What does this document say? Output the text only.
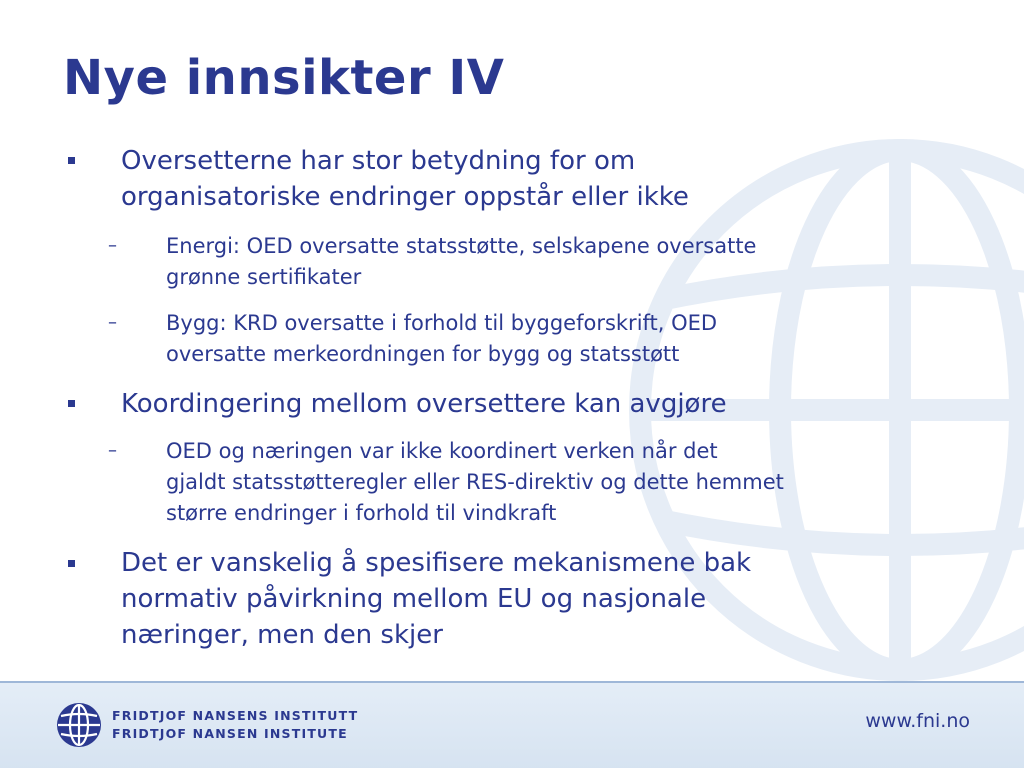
Nye innsikter IV
Oversetterne har stor betydning for om
organisatoriske endringer oppstår eller ikke
– Energi: OED oversatte statsstøtte, selskapene oversatte
grønne sertifikater
– Bygg: KRD oversatte i forhold til byggeforskrift, OED
oversatte merkeordningen for bygg og statsstøtt
Koordingering mellom oversettere kan avgjøre
– OED og næringen var ikke koordinert verken når det
gjaldt statsstøtteregler eller RES-direktiv og dette hemmet
større endringer i forhold til vindkraft
Det er vanskelig å spesifisere mekanismene bak
normativ påvirkning mellom EU og nasjonale
næringer, men den skjer
FRIDTJOF NANSENS INSTITUTT
FRIDTJOF NANSEN INSTITUTE
www.fni.no
